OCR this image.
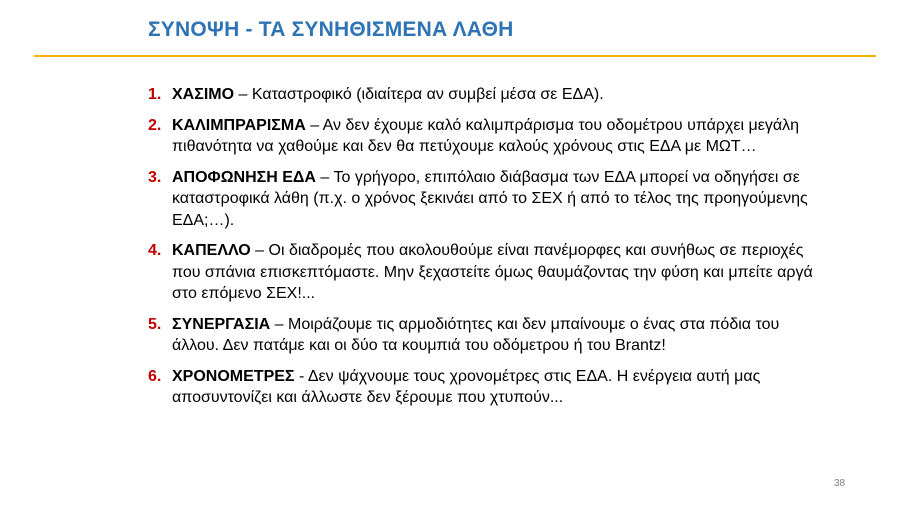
ΣΥΝΟΨΗ - ΤΑ ΣΥΝΗΘΙΣΜΕΝΑ ΛΑΘΗ
1. ΧΑΣΙΜΟ – Καταστροφικό (ιδιαίτερα αν συμβεί μέσα σε ΕΔΑ).
2. ΚΑΛΙΜΠΡΑΡΙΣΜΑ – Αν δεν έχουμε καλό καλιμπράρισμα του οδομέτρου υπάρχει μεγάλη πιθανότητα να χαθούμε και δεν θα πετύχουμε καλούς χρόνους στις ΕΔΑ με ΜΩΤ…
3. ΑΠΟΦΩΝΗΣΗ ΕΔΑ – Το γρήγορο, επιπόλαιο διάβασμα των ΕΔΑ μπορεί να οδηγήσει σε καταστροφικά λάθη (π.χ. ο χρόνος ξεκινάει από το ΣΕΧ ή από το τέλος της προηγούμενης ΕΔΑ;…).
4. ΚΑΠΕΛΛΟ – Οι διαδρομές που ακολουθούμε είναι πανέμορφες και συνήθως σε περιοχές που σπάνια επισκεπτόμαστε. Μην ξεχαστείτε όμως θαυμάζοντας την φύση και μπείτε αργά στο επόμενο ΣΕΧ!...
5. ΣΥΝΕΡΓΑΣΙΑ – Μοιράζουμε τις αρμοδιότητες και δεν μπαίνουμε ο ένας στα πόδια του άλλου. Δεν πατάμε και οι δύο τα κουμπιά του οδόμετρου ή του Brantz!
6. ΧΡΟΝΟΜΕΤΡΕΣ - Δεν ψάχνουμε τους χρονομέτρες στις ΕΔΑ. Η ενέργεια αυτή μας αποσυντονίζει και άλλωστε δεν ξέρουμε που χτυπούν...
38
